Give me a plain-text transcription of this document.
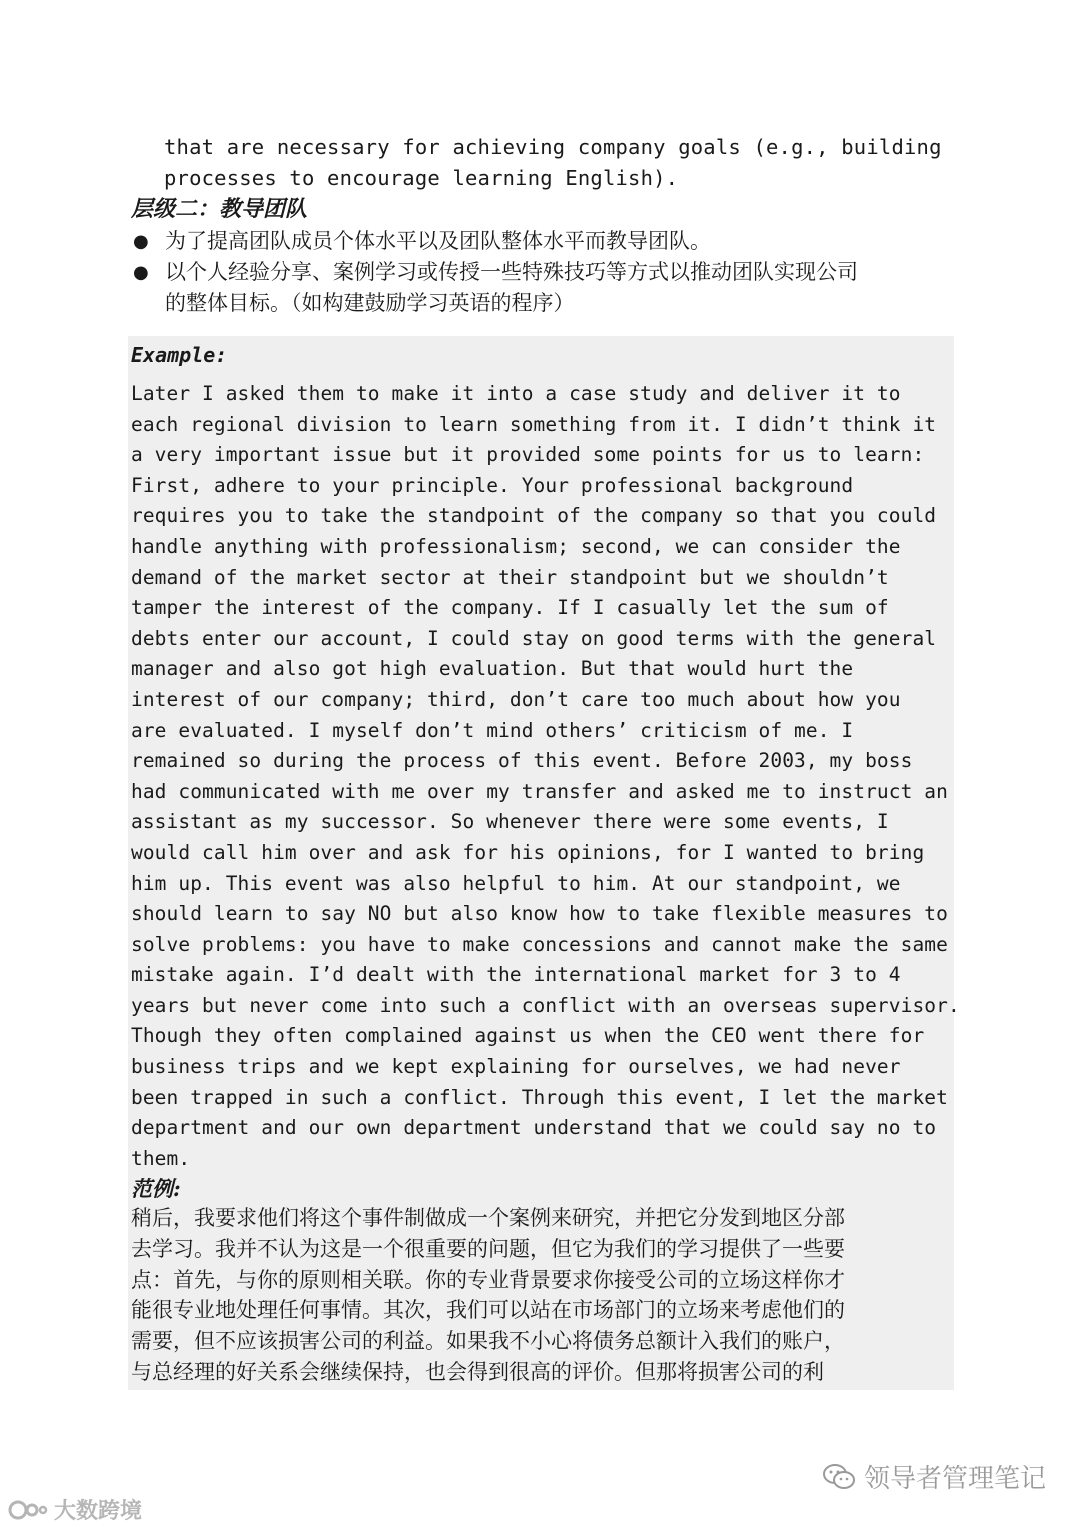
that are necessary for achieving company goals (e.g., building
processes to encourage learning English).
层级二：教导团队
● 为了提高团队成员个体水平以及团队整体水平而教导团队。
● 以个人经验分享、案例学习或传授一些特殊技巧等方式以推动团队实现公司
的整体目标。（如构建鼓励学习英语的程序）
Example:
Later I asked them to make it into a case study and deliver it to
each regional division to learn something from it. I didn’t think it
a very important issue but it provided some points for us to learn:
First, adhere to your principle. Your professional background
requires you to take the standpoint of the company so that you could
handle anything with professionalism; second, we can consider the
demand of the market sector at their standpoint but we shouldn’t
tamper the interest of the company. If I casually let the sum of
debts enter our account, I could stay on good terms with the general
manager and also got high evaluation. But that would hurt the
interest of our company; third, don’t care too much about how you
are evaluated. I myself don’t mind others’ criticism of me. I
remained so during the process of this event. Before 2003, my boss
had communicated with me over my transfer and asked me to instruct an
assistant as my successor. So whenever there were some events, I
would call him over and ask for his opinions, for I wanted to bring
him up. This event was also helpful to him. At our standpoint, we
should learn to say NO but also know how to take flexible measures to
solve problems: you have to make concessions and cannot make the same
mistake again. I’d dealt with the international market for 3 to 4
years but never come into such a conflict with an overseas supervisor.
Though they often complained against us when the CEO went there for
business trips and we kept explaining for ourselves, we had never
been trapped in such a conflict. Through this event, I let the market
department and our own department understand that we could say no to
them.
范例:
稍后，我要求他们将这个事件制做成一个案例来研究，并把它分发到地区分部
去学习。我并不认为这是一个很重要的问题，但它为我们的学习提供了一些要
点：首先，与你的原则相关联。你的专业背景要求你接受公司的立场这样你才
能很专业地处理任何事情。其次，我们可以站在市场部门的立场来考虑他们的
需要，但不应该损害公司的利益。如果我不小心将债务总额计入我们的账户，
与总经理的好关系会继续保持，也会得到很高的评价。但那将损害公司的利
领导者管理笔记
大数跨境
